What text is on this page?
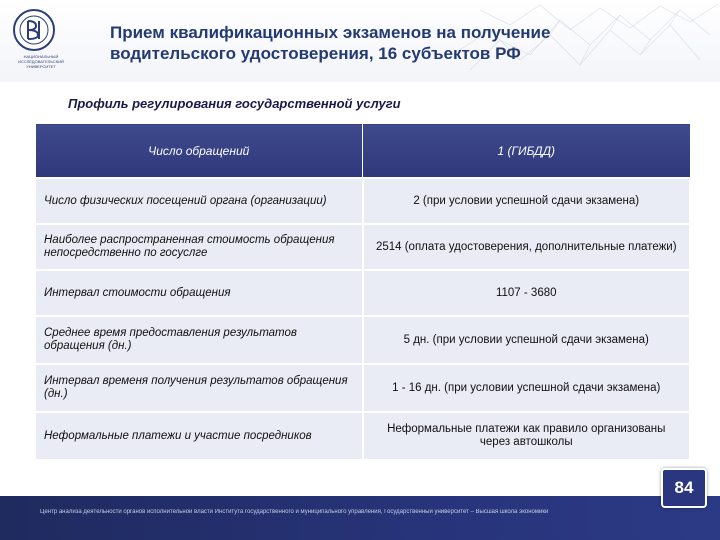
НАЦИОНАЛЬНЫЙ ИССЛЕДОВАТЕЛЬСКИЙ УНИВЕРСИТЕТ
Прием квалификационных экзаменов на получение водительского удостоверения, 16 субъектов РФ
Профиль регулирования государственной услуги
Число обращений	1 (ГИБДД)
Число физических посещений органа (организации)	2 (при условии успешной сдачи экзамена)
Наиболее распространенная стоимость обращения непосредственно по госуслге	2514 (оплата удостоверения, дополнительные платежи)
Интервал стоимости обращения	1107 - 3680
Среднее время предоставления результатов обращения (дн.)	5 дн. (при условии успешной сдачи экзамена)
Интервал временя получения результатов обращения (дн.)	1 - 16 дн. (при условии успешной сдачи экзамена)
Неформальные платежи и участие посредников	Неформальные платежи как правило организованы через автошколы
Центр анализа деятельности органов исполнительной власти Института государственного и муниципального управления, Государственный университет – Высшая школа экономики
84
